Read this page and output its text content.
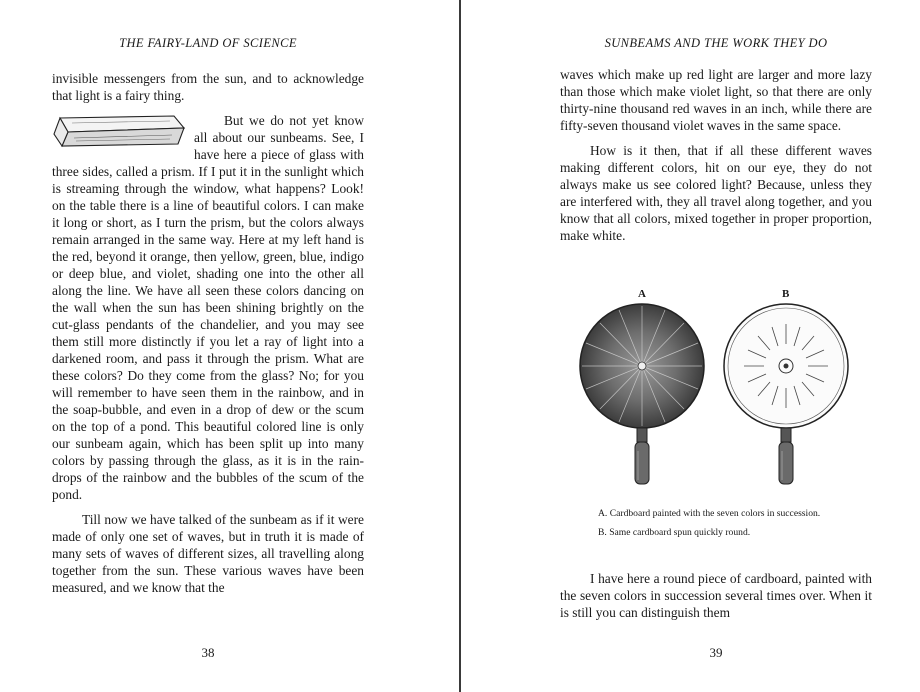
THE FAIRY-LAND OF SCIENCE

invisible messengers from the sun, and to acknowledge that light is a fairy thing.

But we do not yet know all about our sunbeams. See, I have here a piece of glass with three sides, called a prism. If I put it in the sunlight which is streaming through the window, what happens? Look! on the table there is a line of beautiful colors. I can make it long or short, as I turn the prism, but the colors always remain arranged in the same way. Here at my left hand is the red, beyond it orange, then yellow, green, blue, indigo or deep blue, and violet, shading one into the other all along the line. We have all seen these colors dancing on the wall when the sun has been shining brightly on the cut-glass pendants of the chandelier, and you may see them still more distinctly if you let a ray of light into a darkened room, and pass it through the prism. What are these colors? Do they come from the glass? No; for you will remember to have seen them in the rainbow, and in the soap-bubble, and even in a drop of dew or the scum on the top of a pond. This beautiful colored line is only our sunbeam again, which has been split up into many colors by passing through the glass, as it is in the rain-drops of the rainbow and the bubbles of the scum of the pond.

Till now we have talked of the sunbeam as if it were made of only one set of waves, but in truth it is made of many sets of waves of different sizes, all travelling along together from the sun. These various waves have been measured, and we know that the

38
SUNBEAMS AND THE WORK THEY DO

waves which make up red light are larger and more lazy than those which make violet light, so that there are only thirty-nine thousand red waves in an inch, while there are fifty-seven thousand violet waves in the same space.

How is it then, that if all these different waves making different colors, hit on our eye, they do not always make us see colored light? Because, unless they are interfered with, they all travel along together, and you know that all colors, mixed together in proper proportion, make white.

A	B
A. Cardboard painted with the seven colors in succession.
B. Same cardboard spun quickly round.

I have here a round piece of cardboard, painted with the seven colors in succession several times over. When it is still you can distinguish them

39
